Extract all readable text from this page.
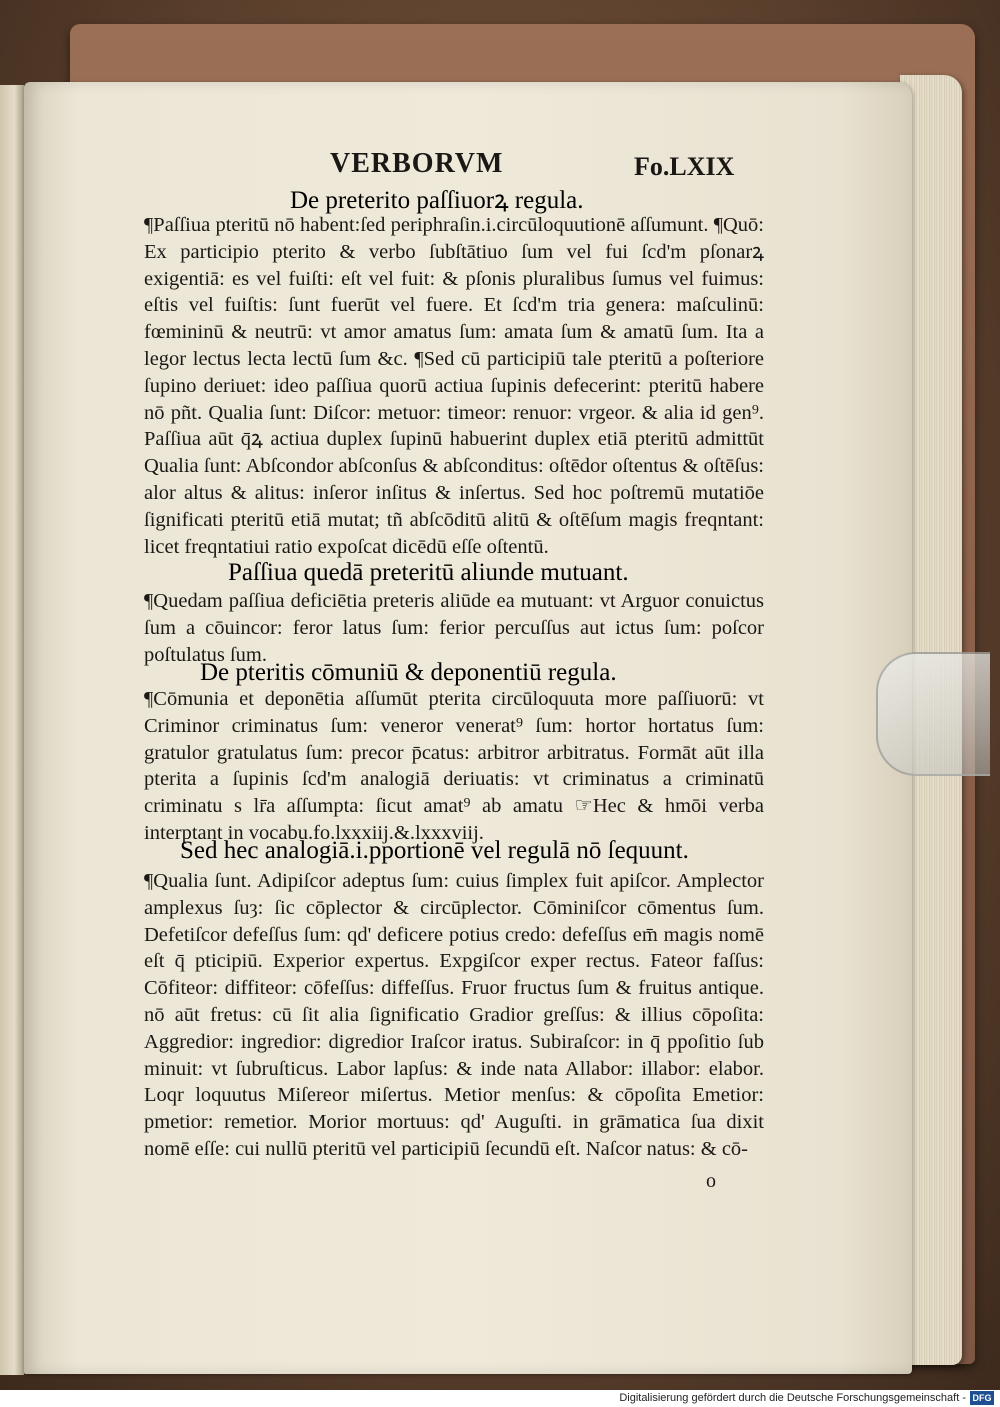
VERBORVM	Fo.LXIX
De preterito paſſiuorꝝ regula.
¶Paſſiua pteritū nō habent:ſed periphraſin.i.circūloquutionē aſſumunt. ¶Quō: Ex participio pterito & verbo ſubſtātiuo ſum vel fui ſcd'm pſonarꝝ exigentiā: es vel fuiſti: eſt vel fuit: & pſonis pluralibus ſumus vel fuimus: eſtis vel fuiſtis: ſunt fuerūt vel fuere. Et ſcd'm tria genera: maſculinū: fœmininū & neutrū: vt amor amatus ſum: amata ſum & amatū ſum. Ita a legor lectus lecta lectū ſum &c. ¶Sed cū participiū tale pteritū a poſteriore ſupino deriuet: ideo paſſiua quorū actiua ſupinis defecerint: pteritū habere nō pñt. Qualia ſunt: Diſcor: metuor: timeor: renuor: vrgeor. & alia id gen⁹. Paſſiua aūt q̄ꝝ actiua duplex ſupinū habuerint duplex etiā pteritū admittūt Qualia ſunt: Abſcondor abſconſus & abſconditus: oſtēdor oſtentus & oſtēſus: alor altus & alitus: inſeror inſitus & inſertus. Sed hoc poſtremū mutatiōe ſignificati pteritū etiā mutat; tñ abſcōditū alitū & oſtēſum magis freqntant: licet freqntatiui ratio expoſcat dicēdū eſſe oſtentū.
Paſſiua quedā preteritū aliunde mutuant.
¶Quedam paſſiua deficiētia preteris aliūde ea mutuant: vt Arguor conuictus ſum a cōuincor: feror latus ſum: ferior percuſſus aut ictus ſum: poſcor poſtulatus ſum.
De pteritis cōmuniū & deponentiū regula.
¶Cōmunia et deponētia aſſumūt pterita circūloquuta more paſſiuorū: vt Criminor criminatus ſum: veneror venerat⁹ ſum: hortor hortatus ſum: gratulor gratulatus ſum: precor p̄catus: arbitror arbitratus. Formāt aūt illa pterita a ſupinis ſcd'm analogiā deriuatis: vt criminatus a criminatū criminatu s lr̄a aſſumpta: ſicut amat⁹ ab amatu ☞Hec & hmōi verba interptant in vocabu.fo.lxxxiij.&.lxxxviij.
Sed hec analogiā.i.pportionē vel regulā nō ſequunt.
¶Qualia ſunt. Adipiſcor adeptus ſum: cuius ſimplex fuit apiſcor. Amplector amplexus ſuȝ: ſic cōplector & circūplector. Cōminiſcor cōmentus ſum. Defetiſcor defeſſus ſum: qd' deficere potius credo: defeſſus em̄ magis nomē eſt q̄ pticipiū. Experior expertus. Expgiſcor exper rectus. Fateor faſſus: Cōfiteor: diffiteor: cōfeſſus: diffeſſus. Fruor fructus ſum & fruitus antique. nō aūt fretus: cū ſit alia ſignificatio Gradior greſſus: & illius cōpoſita: Aggredior: ingredior: digredior Iraſcor iratus. Subiraſcor: in q̄ ppoſitio ſub minuit: vt ſubruſticus. Labor lapſus: & inde nata Allabor: illabor: elabor. Loqr loquutus Miſereor miſertus. Metior menſus: & cōpoſita Emetior: pmetior: remetior. Morior mortuus: qd' Auguſti. in grāmatica ſua dixit nomē eſſe: cui nullū pteritū vel participiū ſecundū eſt. Naſcor natus: & cō-
o
Digitalisierung gefördert durch die Deutsche Forschungsgemeinschaft - DFG
